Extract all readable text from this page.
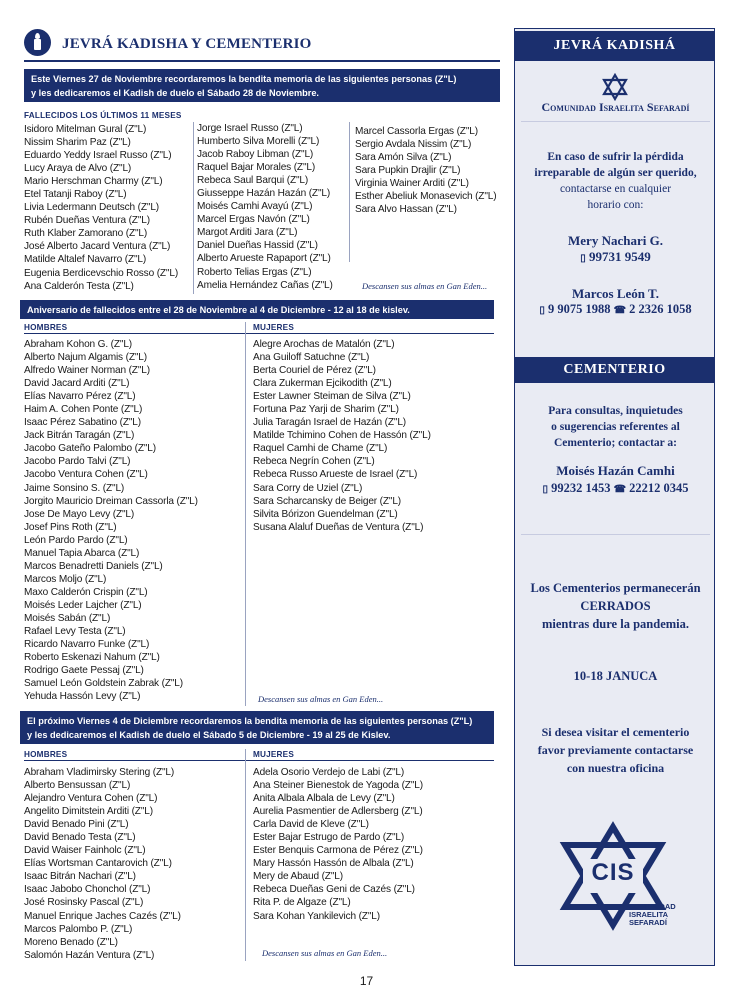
JEVRÁ KADISHA Y CEMENTERIO
Este Viernes 27 de Noviembre recordaremos la bendita memoria de las siguientes personas (Z"L)
y les dedicaremos el Kadish de duelo el Sábado 28 de Noviembre.
FALLECIDOS LOS ÚLTIMOS 11 MESES
Isidoro Mitelman Gural (Z"L)
Nissim Sharim Paz (Z"L)
Eduardo Yeddy Israel Russo (Z"L)
Lucy Araya de Alvo (Z"L)
Mario Herschman Charmy (Z"L)
Etel Tatanji Raboy (Z"L)
Livia Ledermann Deutsch (Z"L)
Rubén Dueñas Ventura (Z"L)
Ruth Klaber Zamorano (Z"L)
José Alberto Jacard Ventura (Z"L)
Matilde Altalef Navarro (Z"L)
Eugenia Berdicevschio Rosso (Z"L)
Ana Calderón Testa (Z"L)
Jorge Israel Russo (Z"L)
Humberto Silva Morelli (Z"L)
Jacob Raboy Libman (Z"L)
Raquel Bajar Morales (Z"L)
Rebeca Saul Barqui (Z"L)
Giusseppe Hazán Hazán (Z"L)
Moisés Camhi Avayú (Z"L)
Marcel Ergas Navón (Z"L)
Margot Arditi Jara (Z"L)
Daniel Dueñas Hassid (Z"L)
Alberto Arueste Rapaport (Z"L)
Roberto Telias Ergas (Z"L)
Amelia Hernández Cañas (Z"L)
Marcel Cassorla Ergas (Z"L)
Sergio Avdala Nissim (Z"L)
Sara Amón Silva (Z"L)
Sara Pupkin Drajlir (Z"L)
Virginia Wainer Arditi (Z"L)
Esther Abeliuk Monasevich (Z"L)
Sara Alvo Hassan (Z"L)
Descansen sus almas en Gan Eden...
Aniversario de fallecidos entre el 28 de Noviembre al 4 de Diciembre - 12 al 18 de kislev.
HOMBRES	MUJERES
Abraham Kohon G. (Z"L)
Alberto Najum Algamis (Z"L)
Alfredo Wainer Norman (Z"L)
David Jacard Arditi (Z"L)
Elías Navarro Pérez (Z"L)
Haim A. Cohen Ponte (Z"L)
Isaac Pérez Sabatino (Z"L)
Jack Bitrán Taragán (Z"L)
Jacobo Gateño Palombo (Z"L)
Jacobo Pardo Talvi (Z"L)
Jacobo Ventura Cohen (Z"L)
Jaime Sonsino S. (Z"L)
Jorgito Mauricio Dreiman Cassorla (Z"L)
Jose De Mayo Levy (Z"L)
Josef Pins Roth (Z"L)
León Pardo Pardo (Z"L)
Manuel Tapia Abarca (Z"L)
Marcos Benadretti Daniels (Z"L)
Marcos Moljo (Z"L)
Maxo Calderón Crispin (Z"L)
Moisés Leder Lajcher (Z"L)
Moisés Sabán (Z"L)
Rafael Levy Testa (Z"L)
Ricardo Navarro Funke (Z"L)
Roberto Eskenazi Nahum (Z"L)
Rodrigo Gaete Pessaj (Z"L)
Samuel León Goldstein Zabrak (Z"L)
Yehuda Hassón Levy (Z"L)
Alegre Arochas de Matalón (Z"L)
Ana Guiloff Satuchne (Z"L)
Berta Couriel de Pérez (Z"L)
Clara Zukerman Ejcikodith (Z"L)
Ester Lawner Steiman de Silva (Z"L)
Fortuna Paz Yarji de Sharim (Z"L)
Julia Taragán Israel de Hazán (Z"L)
Matilde Tchimino Cohen de Hassón (Z"L)
Raquel Camhi de Chame (Z"L)
Rebeca Negrín Cohen (Z"L)
Rebeca Russo Arueste de Israel (Z"L)
Sara Corry de Uziel (Z"L)
Sara Scharcansky de Beiger (Z"L)
Silvita Bórizon Guendelman (Z"L)
Susana Alaluf Dueñas de Ventura (Z"L)
Descansen sus almas en Gan Eden...
El próximo Viernes 4 de Diciembre recordaremos la bendita memoria de las siguientes personas (Z"L)
y les dedicaremos el Kadish de duelo el Sábado 5 de Diciembre - 19 al 25 de Kislev.
HOMBRES	MUJERES
Abraham Vladimirsky Stering (Z"L)
Alberto Bensussan (Z"L)
Alejandro Ventura Cohen (Z"L)
Angelito Dimitstein Arditi (Z"L)
David Benado Pini (Z"L)
David Benado Testa (Z"L)
David Waiser Fainholc (Z"L)
Elías Wortsman Cantarovich (Z"L)
Isaac Bitrán Nachari (Z"L)
Isaac Jabobo Chonchol (Z"L)
José Rosinsky Pascal (Z"L)
Manuel Enrique Jaches Cazés (Z"L)
Marcos Palombo P. (Z"L)
Moreno Benado (Z"L)
Salomón Hazán Ventura (Z"L)
Adela Osorio Verdejo de Labi (Z"L)
Ana Steiner Bienestok de Yagoda (Z"L)
Anita Albala Albala de Levy (Z"L)
Aurelia Pasmentier de Adlersberg (Z"L)
Carla David de Kleve (Z"L)
Ester Bajar Estrugo de Pardo (Z"L)
Ester Benquis Carmona de Pérez (Z"L)
Mary Hassón Hassón de Albala (Z"L)
Mery de Abaud (Z"L)
Rebeca Dueñas Geni de Cazés (Z"L)
Rita P. de Algaze (Z"L)
Sara Kohan Yankilevich (Z"L)
Descansen sus almas en Gan Eden...
JEVRÁ KADISHÁ
Comunidad Israelita Sefaradí
En caso de sufrir la pérdida
irreparable de algún ser querido,
contactarse en cualquier
horario con:
Mery Nachari G.
▯ 99731 9549
Marcos León T.
▯ 9 9075 1988 ☎ 2 2326 1058
CEMENTERIO
Para consultas, inquietudes
o sugerencias referentes al
Cementerio; contactar a:
Moisés Hazán Camhi
▯ 99232 1453 ☎ 22212 0345
Los Cementerios permanecerán
CERRADOS
mientras dure la pandemia.
10-18 JANUCA
Si desea visitar el cementerio
favor previamente contactarse
con nuestra oficina
CIS
COMUNIDAD
ISRAELITA
SEFARADÍ
17
